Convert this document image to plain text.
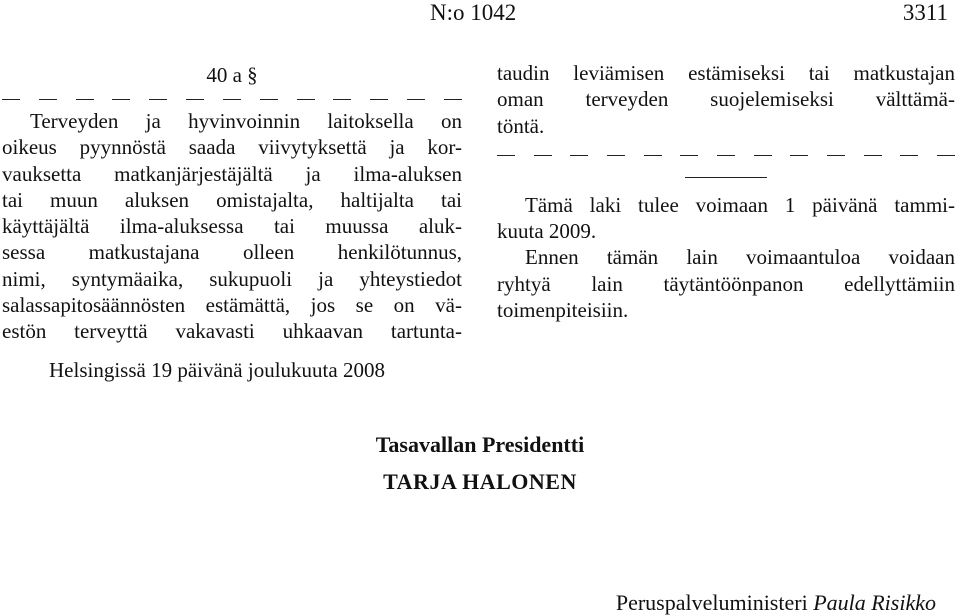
N:o 1042	3311
40 a §
Terveyden ja hyvinvoinnin laitoksella on
oikeus pyynnöstä saada viivytyksettä ja kor-
vauksetta matkanjärjestäjältä ja ilma-aluksen
tai muun aluksen omistajalta, haltijalta tai
käyttäjältä ilma-aluksessa tai muussa aluk-
sessa matkustajana olleen henkilötunnus,
nimi, syntymäaika, sukupuoli ja yhteystiedot
salassapitosäännösten estämättä, jos se on vä-
estön terveyttä vakavasti uhkaavan tartunta-
taudin leviämisen estämiseksi tai matkustajan
oman terveyden suojelemiseksi välttämä-
töntä.
Tämä laki tulee voimaan 1 päivänä tammi-
kuuta 2009.
Ennen tämän lain voimaantuloa voidaan
ryhtyä lain täytäntöönpanon edellyttämiin
toimenpiteisiin.
Helsingissä 19 päivänä joulukuuta 2008
Tasavallan Presidentti
TARJA HALONEN
Peruspalveluministeri Paula Risikko
